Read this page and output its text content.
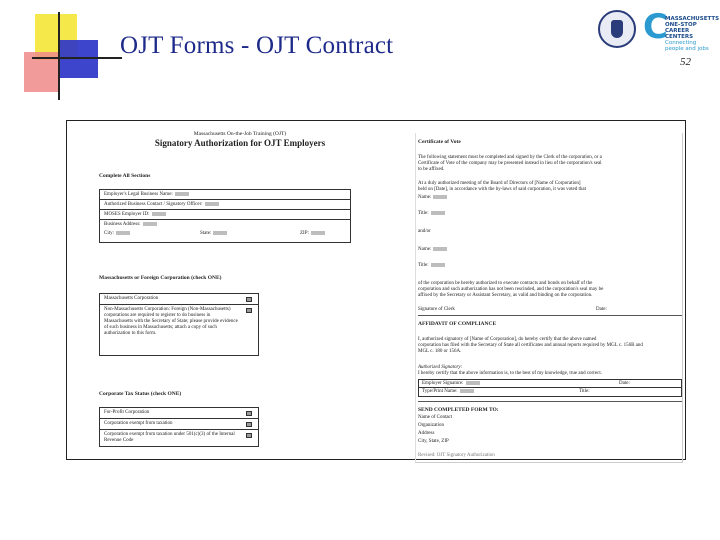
OJT Forms - OJT Contract	C
MASSACHUSETTS
ONE-STOP
CAREER CENTERS
Connecting people and jobs
52
Massachusetts On-the-Job Training (OJT)
Signatory Authorization for OJT Employers
Complete All Sections
Employer's Legal Business Name:
Authorized Business Contact / Signatory Officer:
MOSES Employer ID:
Business Address:
City:	State:	ZIP:
Massachusetts or Foreign Corporation (check ONE)
Massachusetts Corporation
Non-Massachusetts Corporation: Foreign (Non-Massachusetts) corporations are required to register to do business in Massachusetts with the Secretary of State; please provide evidence of such business in Massachusetts; attach a copy of such authorization to this form.
Corporate Tax Status (check ONE)
For-Profit Corporation
Corporation exempt from taxation
Corporation exempt from taxation under 501(c)(3) of the Internal Revenue Code
Certificate of Vote
The following statement must be completed and signed by the Clerk of the corporation, or a
Certificate of Vote of the company may be presented instead in lieu of the corporation's seal
to be affixed.
At a duly authorized meeting of the Board of Directors of [Name of Corporation]
held on [Date], in accordance with the by-laws of said corporation, it was voted that
Name:
Title:
and/or
Name:
Title:
of the corporation be hereby authorized to execute contracts and bonds on behalf of the
corporation and such authorization has not been rescinded, and the corporation's seal may be
affixed by the Secretary or Assistant Secretary, as valid and binding on the corporation.
Signature of Clerk	Date:
AFFIDAVIT OF COMPLIANCE
I, authorized signatory of [Name of Corporation], do hereby certify that the above named
corporation has filed with the Secretary of State all certificates and annual reports required by MGL c. 156B and
MGL c. 180 or 156A.
Authorized Signatory:
I hereby certify that the above information is, to the best of my knowledge, true and correct.
Employer Signature:	Date:
Type/Print Name:	Title:
SEND COMPLETED FORM TO:
Name of Contact
Organization
Address
City, State, ZIP
Revised: OJT Signatory Authorization
